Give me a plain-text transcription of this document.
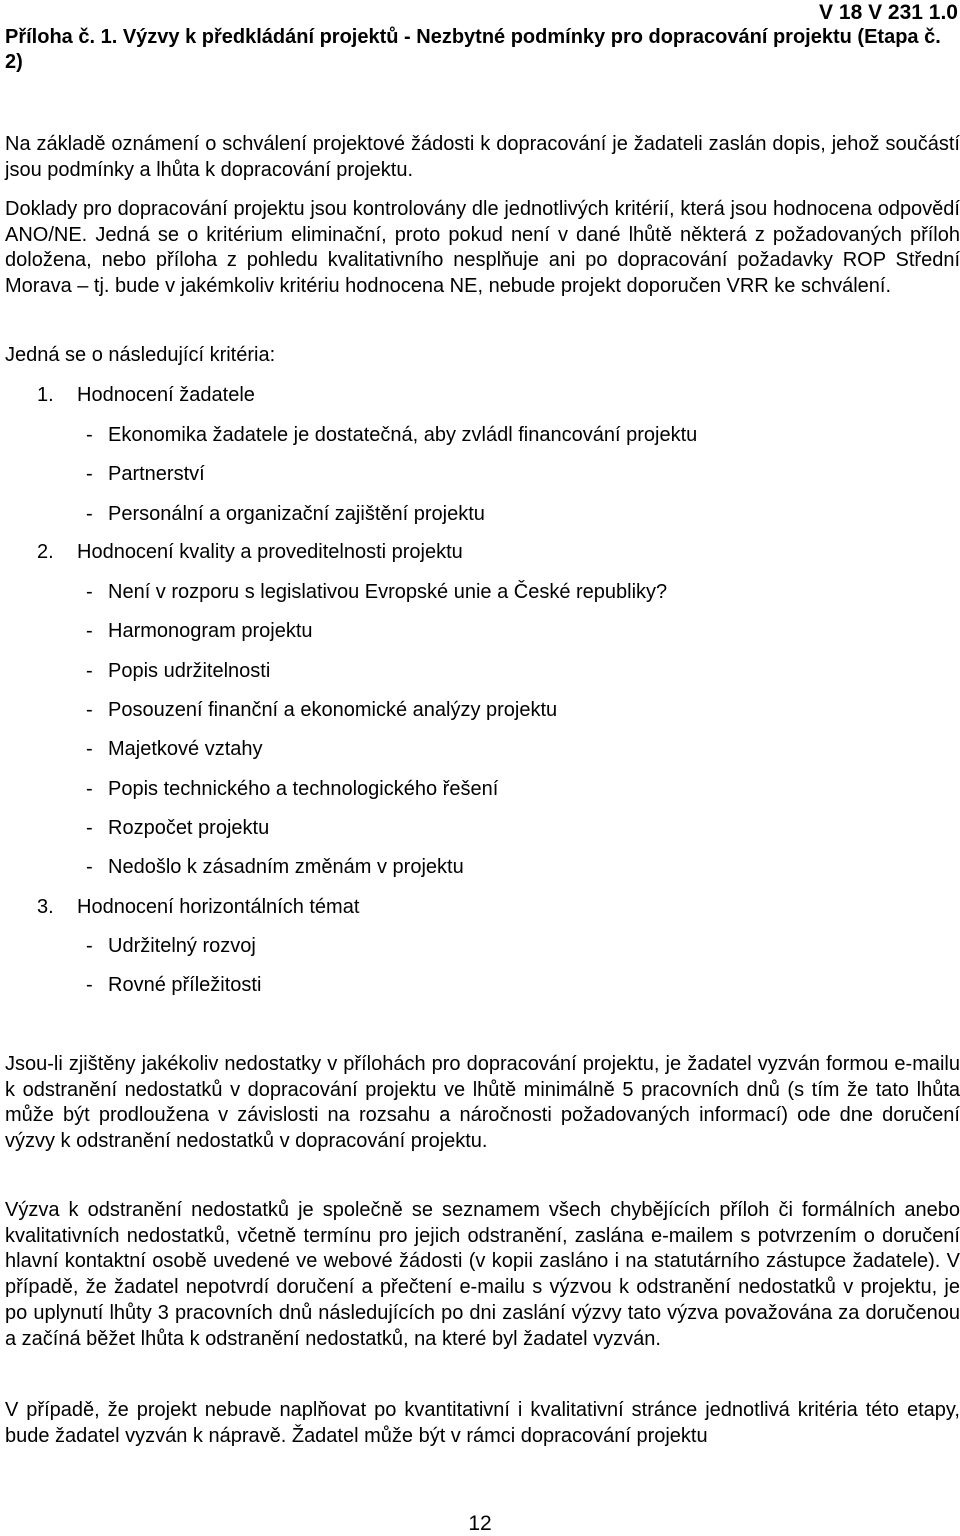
V 18 V 231 1.0
Příloha č. 1. Výzvy k předkládání projektů - Nezbytné podmínky pro dopracování projektu (Etapa č. 2)

Na základě oznámení o schválení projektové žádosti k dopracování je žadateli zaslán dopis, jehož součástí jsou podmínky a lhůta k dopracování projektu.

Doklady pro dopracování projektu jsou kontrolovány dle jednotlivých kritérií, která jsou hodnocena odpovědí ANO/NE. Jedná se o kritérium eliminační, proto pokud není v dané lhůtě některá z požadovaných příloh doložena, nebo příloha z pohledu kvalitativního nesplňuje ani po dopracování požadavky ROP Střední Morava – tj. bude v jakémkoliv kritériu hodnocena NE, nebude projekt doporučen VRR ke schválení.

Jedná se o následující kritéria:

1. Hodnocení žadatele
- Ekonomika žadatele je dostatečná, aby zvládl financování projektu
- Partnerství
- Personální a organizační zajištění projektu
2. Hodnocení kvality a proveditelnosti projektu
- Není v rozporu s legislativou Evropské unie a České republiky?
- Harmonogram projektu
- Popis udržitelnosti
- Posouzení finanční a ekonomické analýzy projektu
- Majetkové vztahy
- Popis technického a technologického řešení
- Rozpočet projektu
- Nedošlo k zásadním změnám v projektu
3. Hodnocení horizontálních témat
- Udržitelný rozvoj
- Rovné příležitosti

Jsou-li zjištěny jakékoliv nedostatky v přílohách pro dopracování projektu, je žadatel vyzván formou e-mailu k odstranění nedostatků v dopracování projektu ve lhůtě minimálně 5 pracovních dnů (s tím že tato lhůta může být prodloužena v závislosti na rozsahu a náročnosti požadovaných informací) ode dne doručení výzvy k odstranění nedostatků v dopracování projektu.

Výzva k odstranění nedostatků je společně se seznamem všech chybějících příloh či formálních anebo kvalitativních nedostatků, včetně termínu pro jejich odstranění, zaslána e-mailem s potvrzením o doručení hlavní kontaktní osobě uvedené ve webové žádosti (v kopii zasláno i na statutárního zástupce žadatele). V případě, že žadatel nepotvrdí doručení a přečtení e-mailu s výzvou k odstranění nedostatků v projektu, je po uplynutí lhůty 3 pracovních dnů následujících po dni zaslání výzvy tato výzva považována za doručenou a začíná běžet lhůta k odstranění nedostatků, na které byl žadatel vyzván.

V případě, že projekt nebude naplňovat po kvantitativní i kvalitativní stránce jednotlivá kritéria této etapy, bude žadatel vyzván k nápravě. Žadatel může být v rámci dopracování projektu

12
